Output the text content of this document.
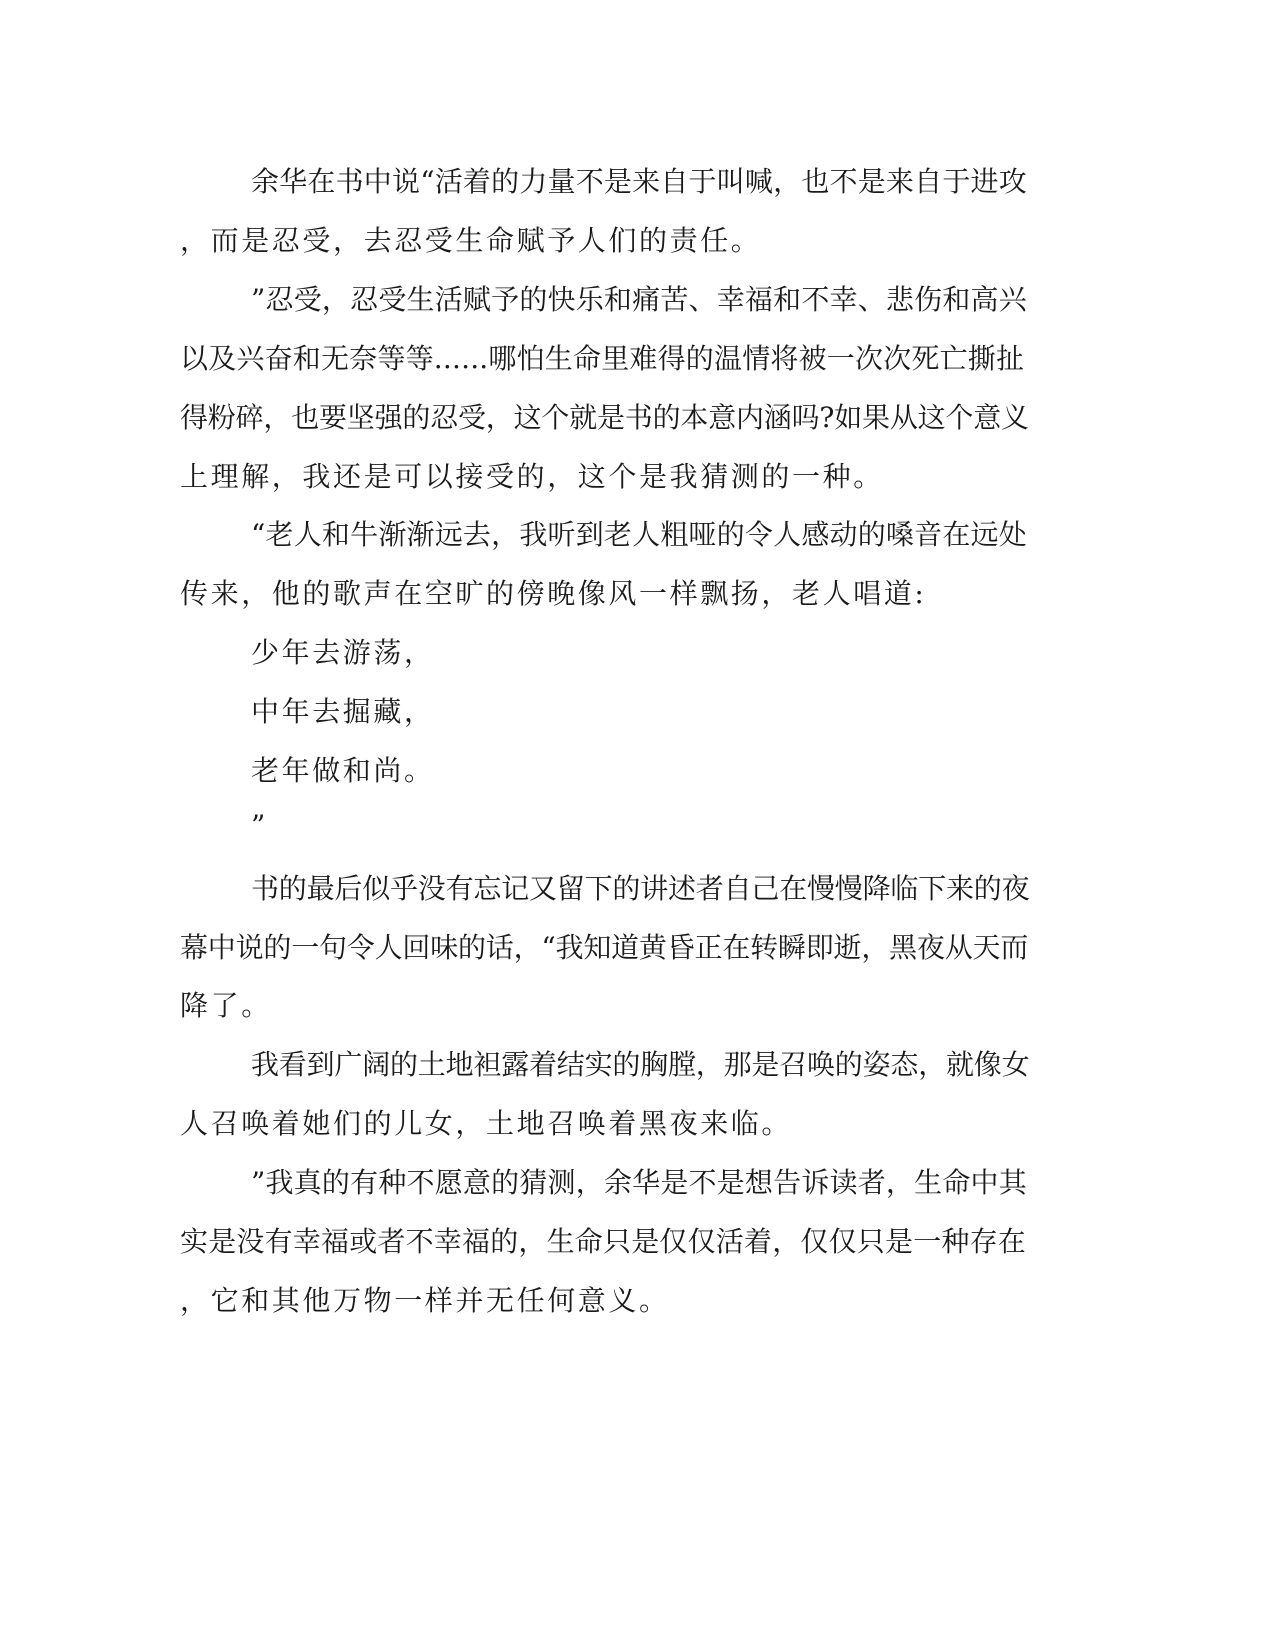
余华在书中说“活着的力量不是来自于叫喊，也不是来自于进攻
，而是忍受，去忍受生命赋予人们的责任。
”忍受，忍受生活赋予的快乐和痛苦、幸福和不幸、悲伤和高兴
以及兴奋和无奈等等......哪怕生命里难得的温情将被一次次死亡撕扯
得粉碎，也要坚强的忍受，这个就是书的本意内涵吗?如果从这个意义
上理解，我还是可以接受的，这个是我猜测的一种。
“老人和牛渐渐远去，我听到老人粗哑的令人感动的嗓音在远处
传来，他的歌声在空旷的傍晚像风一样飘扬，老人唱道:
少年去游荡，
中年去掘藏，
老年做和尚。
”
书的最后似乎没有忘记又留下的讲述者自己在慢慢降临下来的夜
幕中说的一句令人回味的话，“我知道黄昏正在转瞬即逝，黑夜从天而
降了。
我看到广阔的土地袒露着结实的胸膛，那是召唤的姿态，就像女
人召唤着她们的儿女，土地召唤着黑夜来临。
”我真的有种不愿意的猜测，余华是不是想告诉读者，生命中其
实是没有幸福或者不幸福的，生命只是仅仅活着，仅仅只是一种存在
，它和其他万物一样并无任何意义。
